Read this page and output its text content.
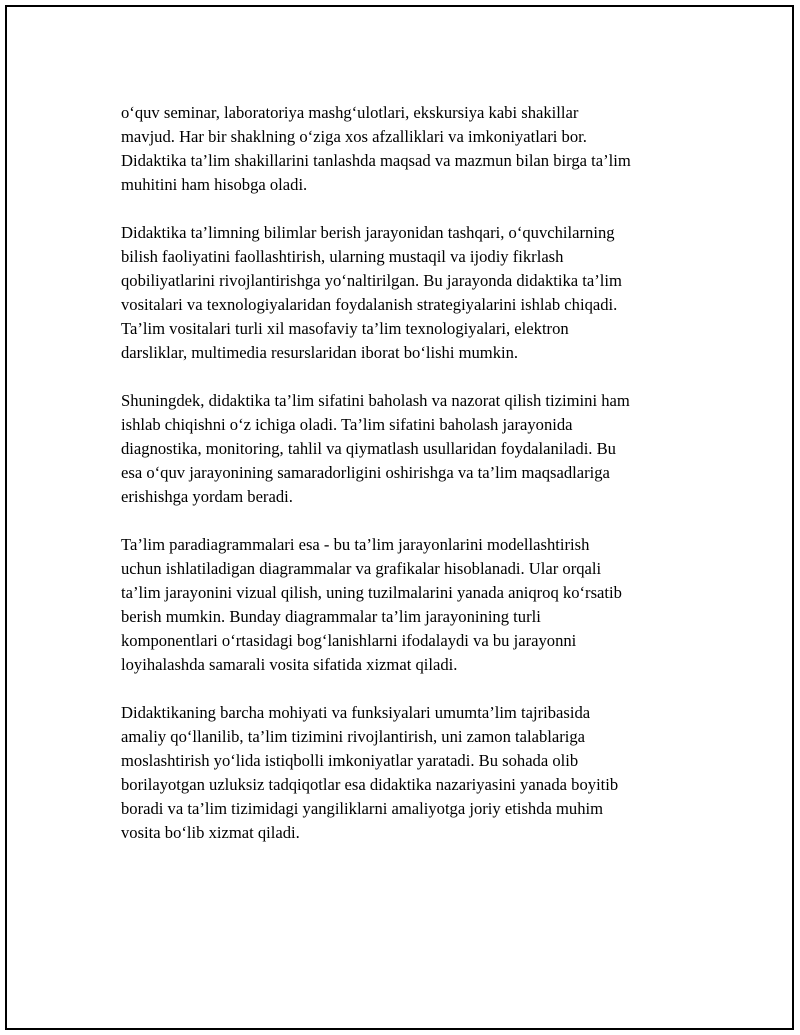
o‘quv seminar, laboratoriya mashg‘ulotlari, ekskursiya kabi shakillar
mavjud. Har bir shaklning o‘ziga xos afzalliklari va imkoniyatlari bor.
Didaktika ta’lim shakillarini tanlashda maqsad va mazmun bilan birga ta’lim
muhitini ham hisobga oladi.

Didaktika ta’limning bilimlar berish jarayonidan tashqari, o‘quvchilarning
bilish faoliyatini faollashtirish, ularning mustaqil va ijodiy fikrlash
qobiliyatlarini rivojlantirishga yo‘naltirilgan. Bu jarayonda didaktika ta’lim
vositalari va texnologiyalaridan foydalanish strategiyalarini ishlab chiqadi.
Ta’lim vositalari turli xil masofaviy ta’lim texnologiyalari, elektron
darsliklar, multimedia resurslaridan iborat bo‘lishi mumkin.

Shuningdek, didaktika ta’lim sifatini baholash va nazorat qilish tizimini ham
ishlab chiqishni o‘z ichiga oladi. Ta’lim sifatini baholash jarayonida
diagnostika, monitoring, tahlil va qiymatlash usullaridan foydalaniladi. Bu
esa o‘quv jarayonining samaradorligini oshirishga va ta’lim maqsadlariga
erishishga yordam beradi.

Ta’lim paradiagrammalari esa - bu ta’lim jarayonlarini modellashtirish
uchun ishlatiladigan diagrammalar va grafikalar hisoblanadi. Ular orqali
ta’lim jarayonini vizual qilish, uning tuzilmalarini yanada aniqroq ko‘rsatib
berish mumkin. Bunday diagrammalar ta’lim jarayonining turli
komponentlari o‘rtasidagi bog‘lanishlarni ifodalaydi va bu jarayonni
loyihalashda samarali vosita sifatida xizmat qiladi.

Didaktikaning barcha mohiyati va funksiyalari umumta’lim tajribasida
amaliy qo‘llanilib, ta’lim tizimini rivojlantirish, uni zamon talablariga
moslashtirish yo‘lida istiqbolli imkoniyatlar yaratadi. Bu sohada olib
borilayotgan uzluksiz tadqiqotlar esa didaktika nazariyasini yanada boyitib
boradi va ta’lim tizimidagi yangiliklarni amaliyotga joriy etishda muhim
vosita bo‘lib xizmat qiladi.
